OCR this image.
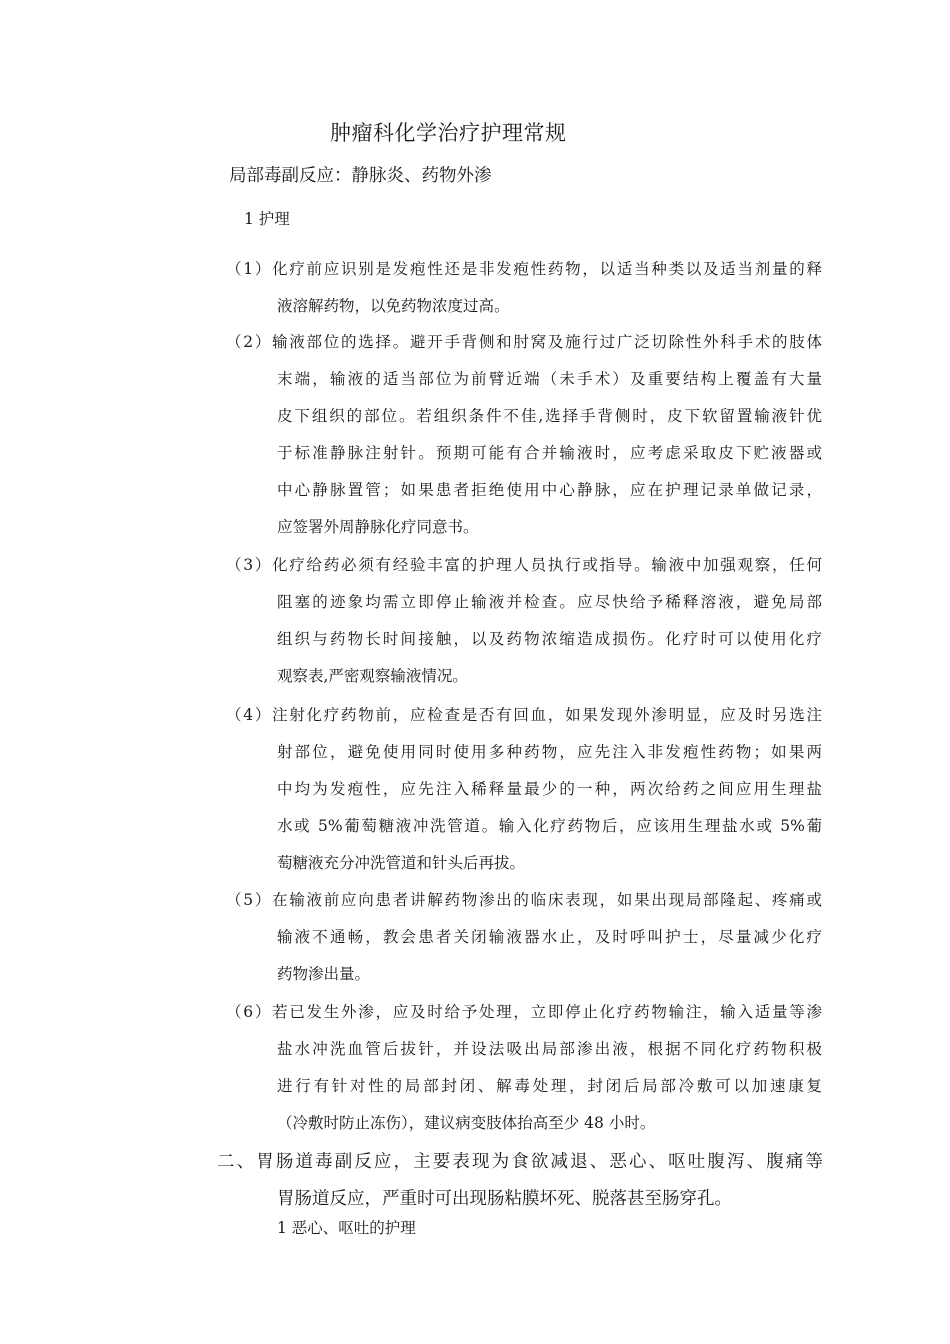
肿瘤科化学治疗护理常规
局部毒副反应：静脉炎、药物外渗
1 护理
（1）化疗前应识别是发疱性还是非发疱性药物，以适当种类以及适当剂量的释
液溶解药物，以免药物浓度过高。
（2）输液部位的选择。避开手背侧和肘窝及施行过广泛切除性外科手术的肢体
末端，输液的适当部位为前臂近端（未手术）及重要结构上覆盖有大量
皮下组织的部位。若组织条件不佳,选择手背侧时，皮下软留置输液针优
于标准静脉注射针。预期可能有合并输液时，应考虑采取皮下贮液器或
中心静脉置管；如果患者拒绝使用中心静脉，应在护理记录单做记录，
应签署外周静脉化疗同意书。
（3）化疗给药必须有经验丰富的护理人员执行或指导。输液中加强观察，任何
阻塞的迹象均需立即停止输液并检查。应尽快给予稀释溶液，避免局部
组织与药物长时间接触，以及药物浓缩造成损伤。化疗时可以使用化疗
观察表,严密观察输液情况。
（4）注射化疗药物前，应检查是否有回血，如果发现外渗明显，应及时另选注
射部位，避免使用同时使用多种药物，应先注入非发疱性药物；如果两
中均为发疱性，应先注入稀释量最少的一种，两次给药之间应用生理盐
水或 5%葡萄糖液冲洗管道。输入化疗药物后，应该用生理盐水或 5%葡
萄糖液充分冲洗管道和针头后再拔。
（5）在输液前应向患者讲解药物渗出的临床表现，如果出现局部隆起、疼痛或
输液不通畅，教会患者关闭输液器水止，及时呼叫护士，尽量减少化疗
药物渗出量。
（6）若已发生外渗，应及时给予处理，立即停止化疗药物输注，输入适量等渗
盐水冲洗血管后拔针，并设法吸出局部渗出液，根据不同化疗药物积极
进行有针对性的局部封闭、解毒处理，封闭后局部冷敷可以加速康复
（冷敷时防止冻伤），建议病变肢体抬高至少 48 小时。
二、胃肠道毒副反应，主要表现为食欲减退、恶心、呕吐腹泻、腹痛等
胃肠道反应，严重时可出现肠粘膜坏死、脱落甚至肠穿孔。
1 恶心、呕吐的护理
